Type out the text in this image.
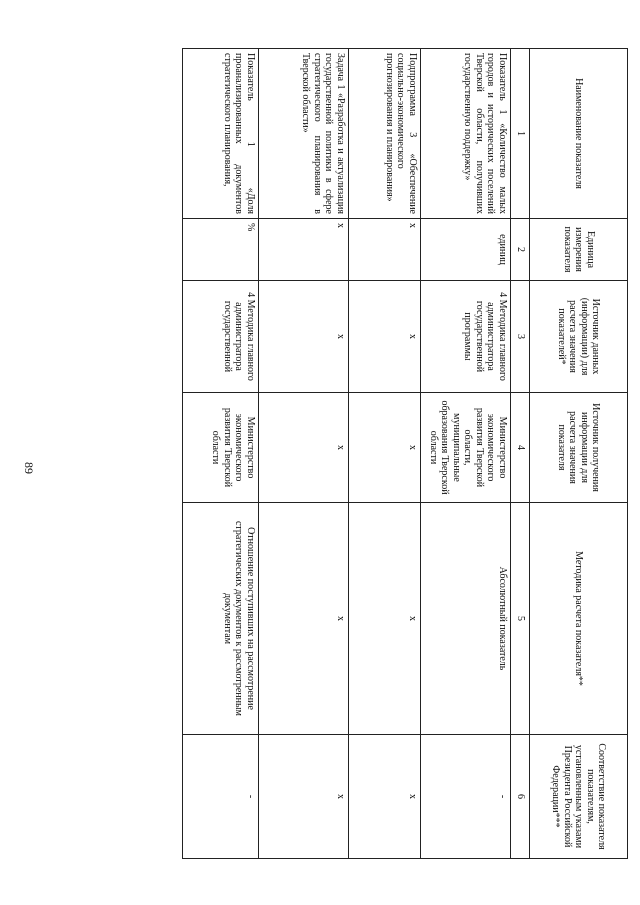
89
Наименование показателя	Единица измерения показателя	Источник данных (информации) для расчета значения показателей*	Источник получения информации для расчета значения показателя	Методика расчета показателя**	Соответствие показателя показателям, установленным указами Президента Российской Федерации***
1	2	3	4	5	6
Показатель 1 «Количество малых городов и исторических поселений Тверской области, получивших государственную поддержку»	единиц	4 Методика главного администратора государственной программы	Министерство экономического развития Тверской области, муниципальные образования Тверской области	Абсолютный показатель	-
Подпрограмма 3 «Обеспечение социально-экономического прогнозирования и планирования»	х	х	х	х	х
Задача 1 «Разработка и актуализация государственной политики в сфере стратегического планирования в Тверской области»	х	х	х	х	х
Показатель 1 «Доля проанализированных документов стратегического планирования,	%	4 Методика главного администратора государственной	Министерство экономического развития Тверской области	Отношение поступивших на рассмотрение стратегических документов к рассмотренным документам	-
